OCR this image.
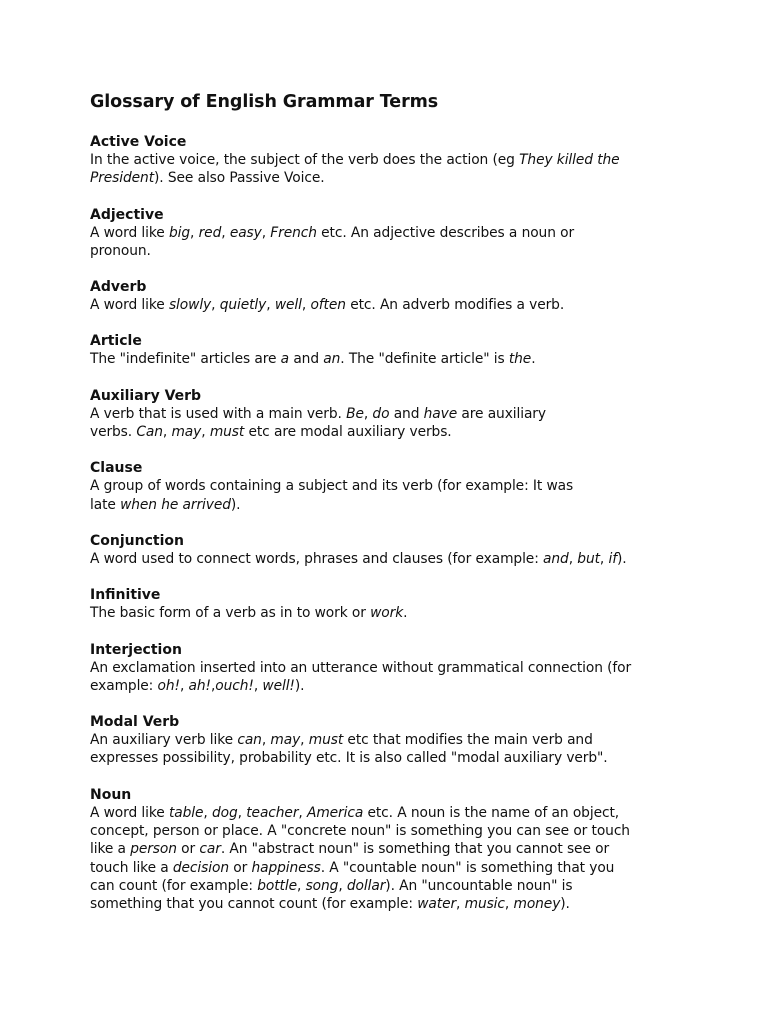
Glossary of English Grammar Terms
Active Voice
In the active voice, the subject of the verb does the action (eg They killed the
President). See also Passive Voice.
Adjective
A word like big, red, easy, French etc. An adjective describes a noun or
pronoun.
Adverb
A word like slowly, quietly, well, often etc. An adverb modifies a verb.
Article
The "indefinite" articles are a and an. The "definite article" is the.
Auxiliary Verb
A verb that is used with a main verb. Be, do and have are auxiliary
verbs. Can, may, must etc are modal auxiliary verbs.
Clause
A group of words containing a subject and its verb (for example: It was
late when he arrived).
Conjunction
A word used to connect words, phrases and clauses (for example: and, but, if).
Infinitive
The basic form of a verb as in to work or work.
Interjection
An exclamation inserted into an utterance without grammatical connection (for
example: oh!, ah!,ouch!, well!).
Modal Verb
An auxiliary verb like can, may, must etc that modifies the main verb and
expresses possibility, probability etc. It is also called "modal auxiliary verb".
Noun
A word like table, dog, teacher, America etc. A noun is the name of an object,
concept, person or place. A "concrete noun" is something you can see or touch
like a person or car. An "abstract noun" is something that you cannot see or
touch like a decision or happiness. A "countable noun" is something that you
can count (for example: bottle, song, dollar). An "uncountable noun" is
something that you cannot count (for example: water, music, money).
